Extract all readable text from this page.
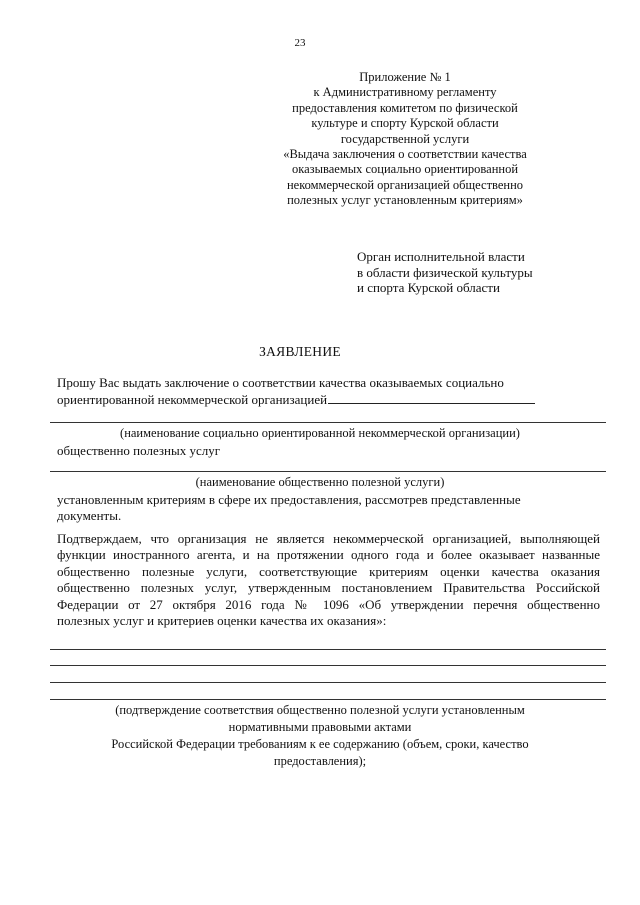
23
Приложение № 1
к Административному регламенту
предоставления комитетом по физической
культуре и спорту Курской области
государственной услуги
«Выдача заключения о соответствии качества
оказываемых социально ориентированной
некоммерческой организацией общественно
полезных услуг установленным критериям»
Орган исполнительной власти
в области физической культуры
и спорта Курской области
ЗАЯВЛЕНИЕ
Прошу Вас выдать заключение о соответствии качества оказываемых социально
ориентированной некоммерческой организацией
(наименование социально ориентированной некоммерческой организации)
общественно полезных услуг
(наименование общественно полезной услуги)
установленным критериям в сфере их предоставления, рассмотрев представленные
документы.
Подтверждаем, что организация не является некоммерческой организацией, выполняющей
функции иностранного агента, и на протяжении одного года и более оказывает названные
общественно полезные услуги, соответствующие критериям оценки качества оказания
общественно полезных услуг, утвержденным постановлением Правительства Российской
Федерации от 27 октября 2016 года № 1096 «Об утверждении перечня общественно
полезных услуг и критериев оценки качества их оказания»:
(подтверждение соответствия общественно полезной услуги установленным
нормативными правовыми актами
Российской Федерации требованиям к ее содержанию (объем, сроки, качество
предоставления);
